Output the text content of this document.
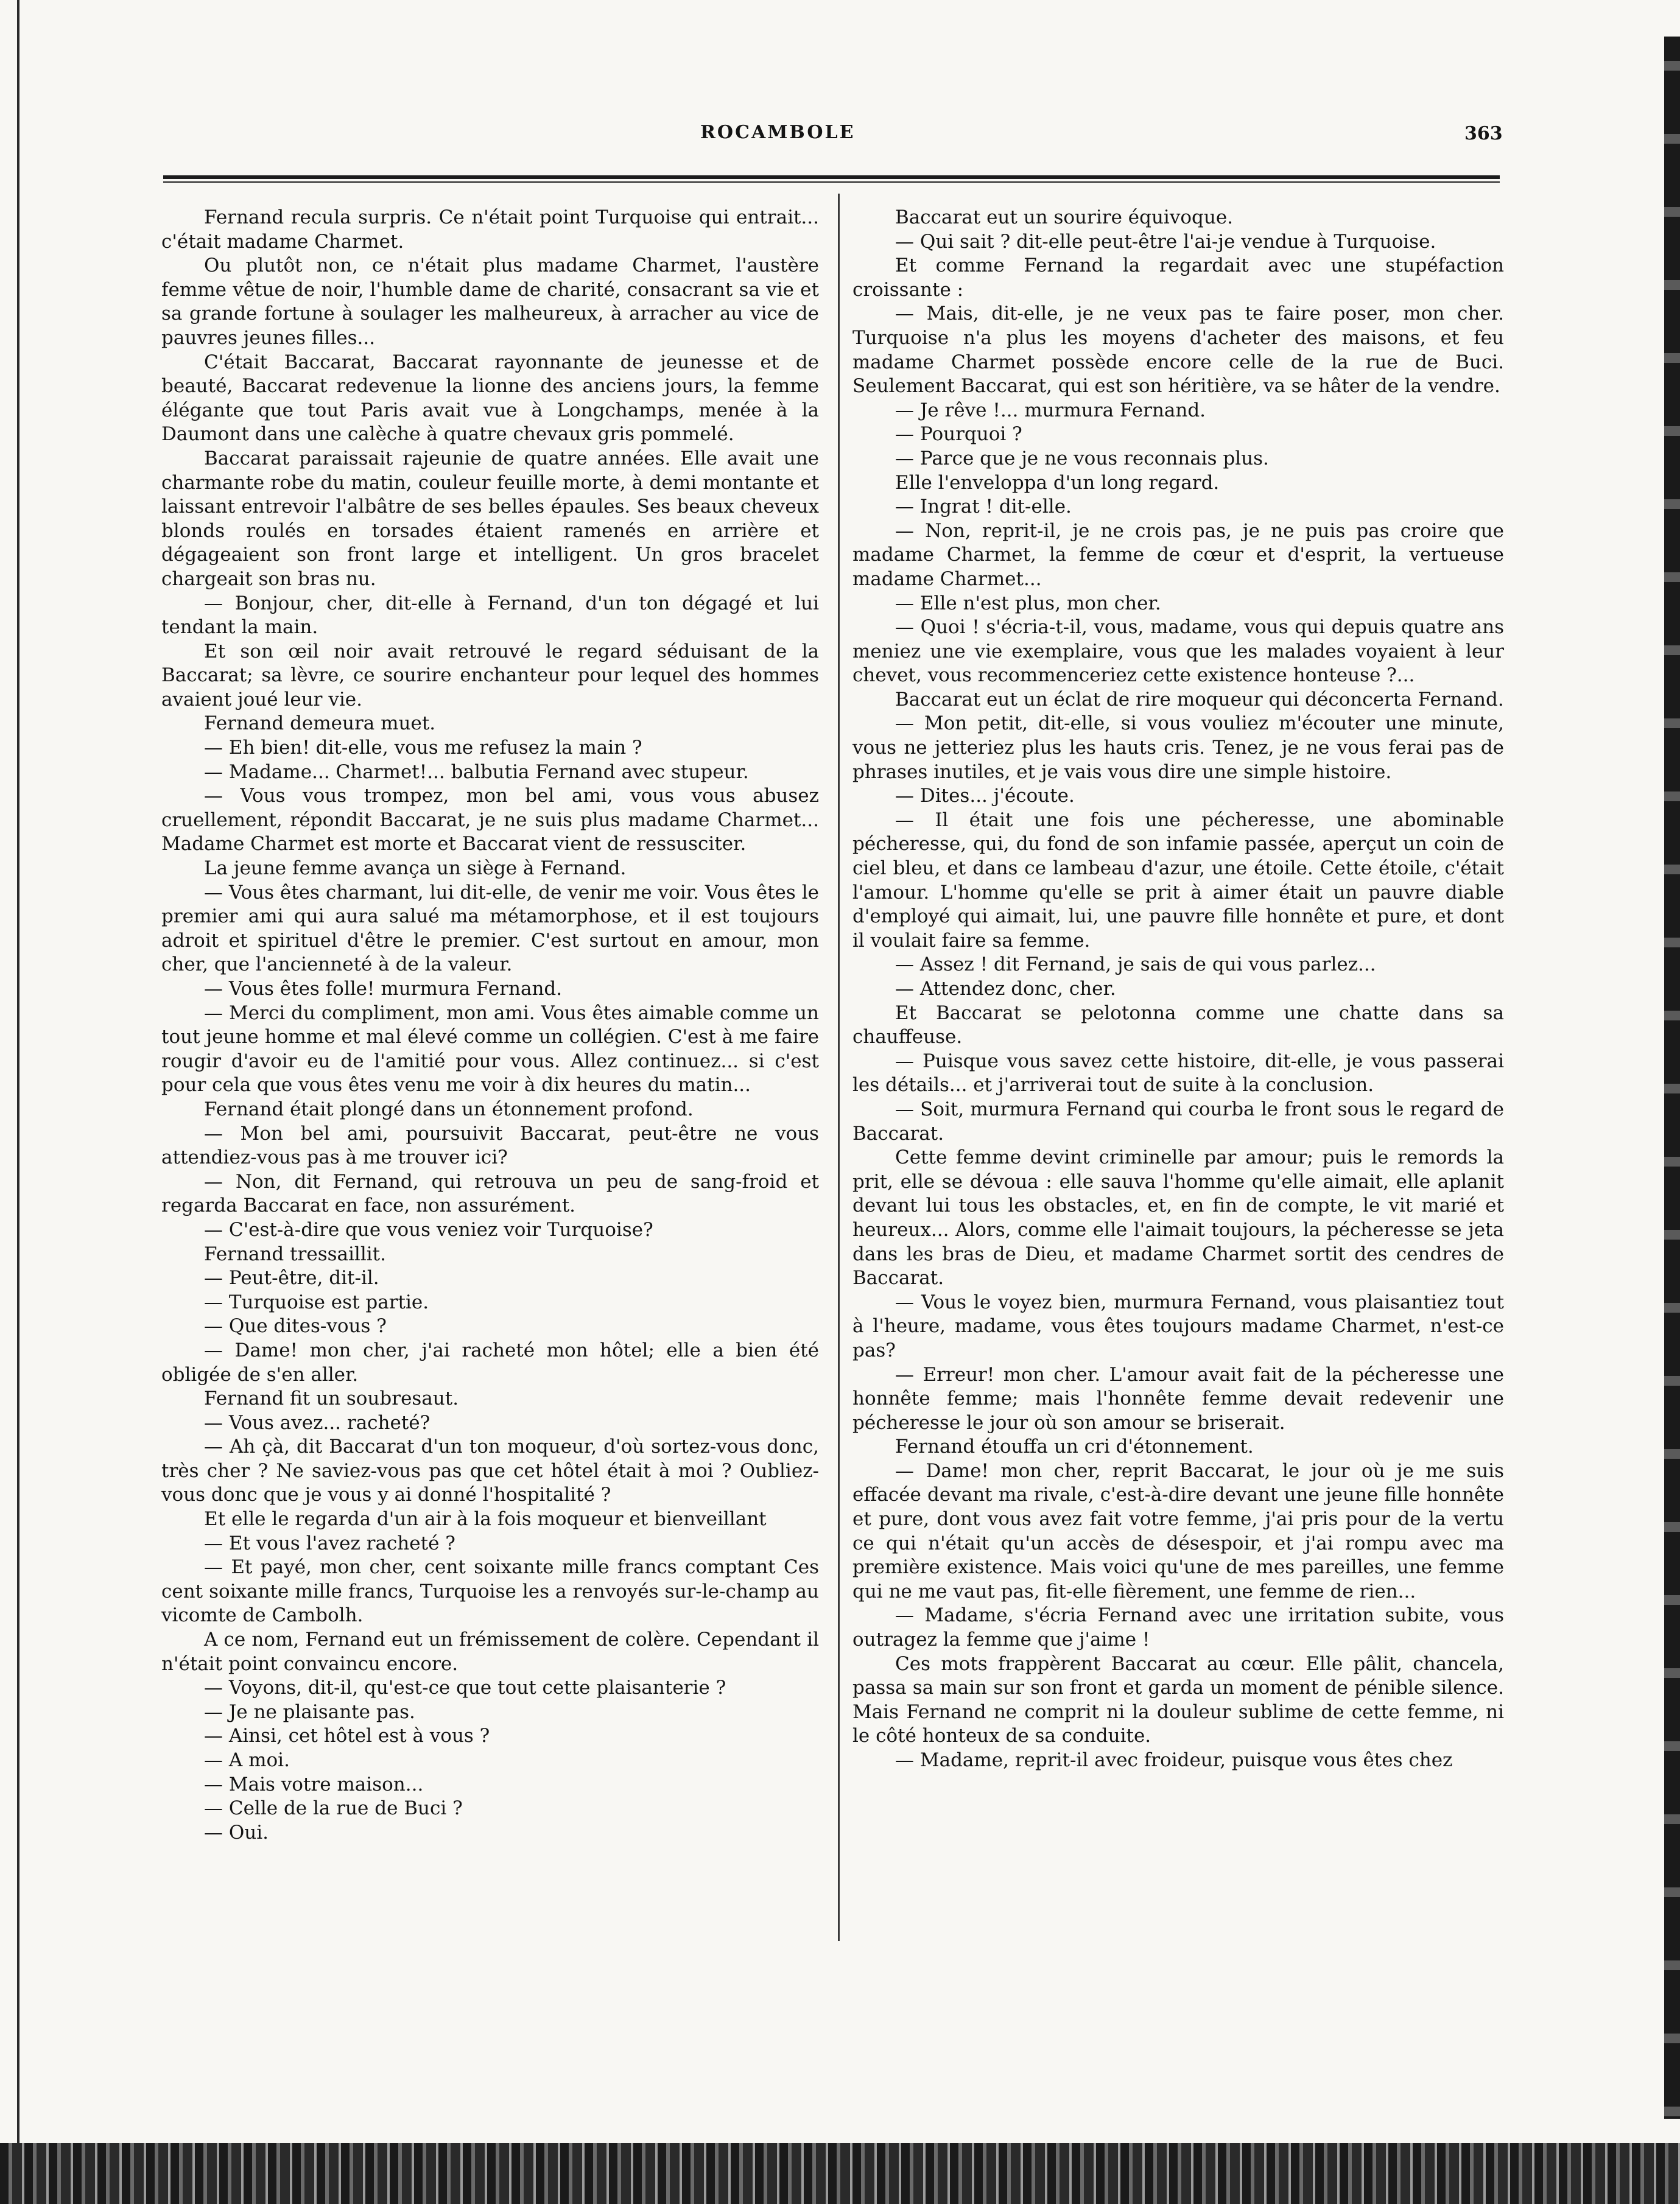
ROCAMBOLE	363

Fernand recula surpris. Ce n'était point Turquoise qui entrait... c'était madame Charmet.

Ou plutôt non, ce n'était plus madame Charmet, l'austère femme vêtue de noir, l'humble dame de charité, consacrant sa vie et sa grande fortune à soulager les malheureux, à arracher au vice de pauvres jeunes filles...

C'était Baccarat, Baccarat rayonnante de jeunesse et de beauté, Baccarat redevenue la lionne des anciens jours, la femme élégante que tout Paris avait vue à Longchamps, menée à la Daumont dans une calèche à quatre chevaux gris pommelé.

Baccarat paraissait rajeunie de quatre années. Elle avait une charmante robe du matin, couleur feuille morte, à demi montante et laissant entrevoir l'albâtre de ses belles épaules. Ses beaux cheveux blonds roulés en torsades étaient ramenés en arrière et dégageaient son front large et intelligent. Un gros bracelet chargeait son bras nu.

— Bonjour, cher, dit-elle à Fernand, d'un ton dégagé et lui tendant la main.

Et son œil noir avait retrouvé le regard séduisant de la Baccarat; sa lèvre, ce sourire enchanteur pour lequel des hommes avaient joué leur vie.

Fernand demeura muet.

— Eh bien! dit-elle, vous me refusez la main ?

— Madame... Charmet!... balbutia Fernand avec stupeur.

— Vous vous trompez, mon bel ami, vous vous abusez cruellement, répondit Baccarat, je ne suis plus madame Charmet... Madame Charmet est morte et Baccarat vient de ressusciter.

La jeune femme avança un siège à Fernand.

— Vous êtes charmant, lui dit-elle, de venir me voir. Vous êtes le premier ami qui aura salué ma métamorphose, et il est toujours adroit et spirituel d'être le premier. C'est surtout en amour, mon cher, que l'ancienneté à de la valeur.

— Vous êtes folle! murmura Fernand.

— Merci du compliment, mon ami. Vous êtes aimable comme un tout jeune homme et mal élevé comme un collégien. C'est à me faire rougir d'avoir eu de l'amitié pour vous. Allez continuez... si c'est pour cela que vous êtes venu me voir à dix heures du matin...

Fernand était plongé dans un étonnement profond.

— Mon bel ami, poursuivit Baccarat, peut-être ne vous attendiez-vous pas à me trouver ici?

— Non, dit Fernand, qui retrouva un peu de sang-froid et regarda Baccarat en face, non assurément.

— C'est-à-dire que vous veniez voir Turquoise?

Fernand tressaillit.

— Peut-être, dit-il.

— Turquoise est partie.

— Que dites-vous ?

— Dame! mon cher, j'ai racheté mon hôtel; elle a bien été obligée de s'en aller.

Fernand fit un soubresaut.

— Vous avez... racheté?

— Ah çà, dit Baccarat d'un ton moqueur, d'où sortez-vous donc, très cher ? Ne saviez-vous pas que cet hôtel était à moi ? Oubliez-vous donc que je vous y ai donné l'hospitalité ?

Et elle le regarda d'un air à la fois moqueur et bienveillant

— Et vous l'avez racheté ?

— Et payé, mon cher, cent soixante mille francs comptant Ces cent soixante mille francs, Turquoise les a renvoyés sur-le-champ au vicomte de Cambolh.

A ce nom, Fernand eut un frémissement de colère. Cependant il n'était point convaincu encore.

— Voyons, dit-il, qu'est-ce que tout cette plaisanterie ?

— Je ne plaisante pas.

— Ainsi, cet hôtel est à vous ?

— A moi.

— Mais votre maison...

— Celle de la rue de Buci ?

— Oui.

Baccarat eut un sourire équivoque.

— Qui sait ? dit-elle peut-être l'ai-je vendue à Turquoise.

Et comme Fernand la regardait avec une stupéfaction croissante :

— Mais, dit-elle, je ne veux pas te faire poser, mon cher. Turquoise n'a plus les moyens d'acheter des maisons, et feu madame Charmet possède encore celle de la rue de Buci. Seulement Baccarat, qui est son héritière, va se hâter de la vendre.

— Je rêve !... murmura Fernand.

— Pourquoi ?

— Parce que je ne vous reconnais plus.

Elle l'enveloppa d'un long regard.

— Ingrat ! dit-elle.

— Non, reprit-il, je ne crois pas, je ne puis pas croire que madame Charmet, la femme de cœur et d'esprit, la vertueuse madame Charmet...

— Elle n'est plus, mon cher.

— Quoi ! s'écria-t-il, vous, madame, vous qui depuis quatre ans meniez une vie exemplaire, vous que les malades voyaient à leur chevet, vous recommenceriez cette existence honteuse ?...

Baccarat eut un éclat de rire moqueur qui déconcerta Fernand.

— Mon petit, dit-elle, si vous vouliez m'écouter une minute, vous ne jetteriez plus les hauts cris. Tenez, je ne vous ferai pas de phrases inutiles, et je vais vous dire une simple histoire.

— Dites... j'écoute.

— Il était une fois une pécheresse, une abominable pécheresse, qui, du fond de son infamie passée, aperçut un coin de ciel bleu, et dans ce lambeau d'azur, une étoile. Cette étoile, c'était l'amour. L'homme qu'elle se prit à aimer était un pauvre diable d'employé qui aimait, lui, une pauvre fille honnête et pure, et dont il voulait faire sa femme.

— Assez ! dit Fernand, je sais de qui vous parlez...

— Attendez donc, cher.

Et Baccarat se pelotonna comme une chatte dans sa chauffeuse.

— Puisque vous savez cette histoire, dit-elle, je vous passerai les détails... et j'arriverai tout de suite à la conclusion.

— Soit, murmura Fernand qui courba le front sous le regard de Baccarat.

Cette femme devint criminelle par amour; puis le remords la prit, elle se dévoua : elle sauva l'homme qu'elle aimait, elle aplanit devant lui tous les obstacles, et, en fin de compte, le vit marié et heureux... Alors, comme elle l'aimait toujours, la pécheresse se jeta dans les bras de Dieu, et madame Charmet sortit des cendres de Baccarat.

— Vous le voyez bien, murmura Fernand, vous plaisantiez tout à l'heure, madame, vous êtes toujours madame Charmet, n'est-ce pas?

— Erreur! mon cher. L'amour avait fait de la pécheresse une honnête femme; mais l'honnête femme devait redevenir une pécheresse le jour où son amour se briserait.

Fernand étouffa un cri d'étonnement.

— Dame! mon cher, reprit Baccarat, le jour où je me suis effacée devant ma rivale, c'est-à-dire devant une jeune fille honnête et pure, dont vous avez fait votre femme, j'ai pris pour de la vertu ce qui n'était qu'un accès de désespoir, et j'ai rompu avec ma première existence. Mais voici qu'une de mes pareilles, une femme qui ne me vaut pas, fit-elle fièrement, une femme de rien...

— Madame, s'écria Fernand avec une irritation subite, vous outragez la femme que j'aime !

Ces mots frappèrent Baccarat au cœur. Elle pâlit, chancela, passa sa main sur son front et garda un moment de pénible silence. Mais Fernand ne comprit ni la douleur sublime de cette femme, ni le côté honteux de sa conduite.

— Madame, reprit-il avec froideur, puisque vous êtes chez
